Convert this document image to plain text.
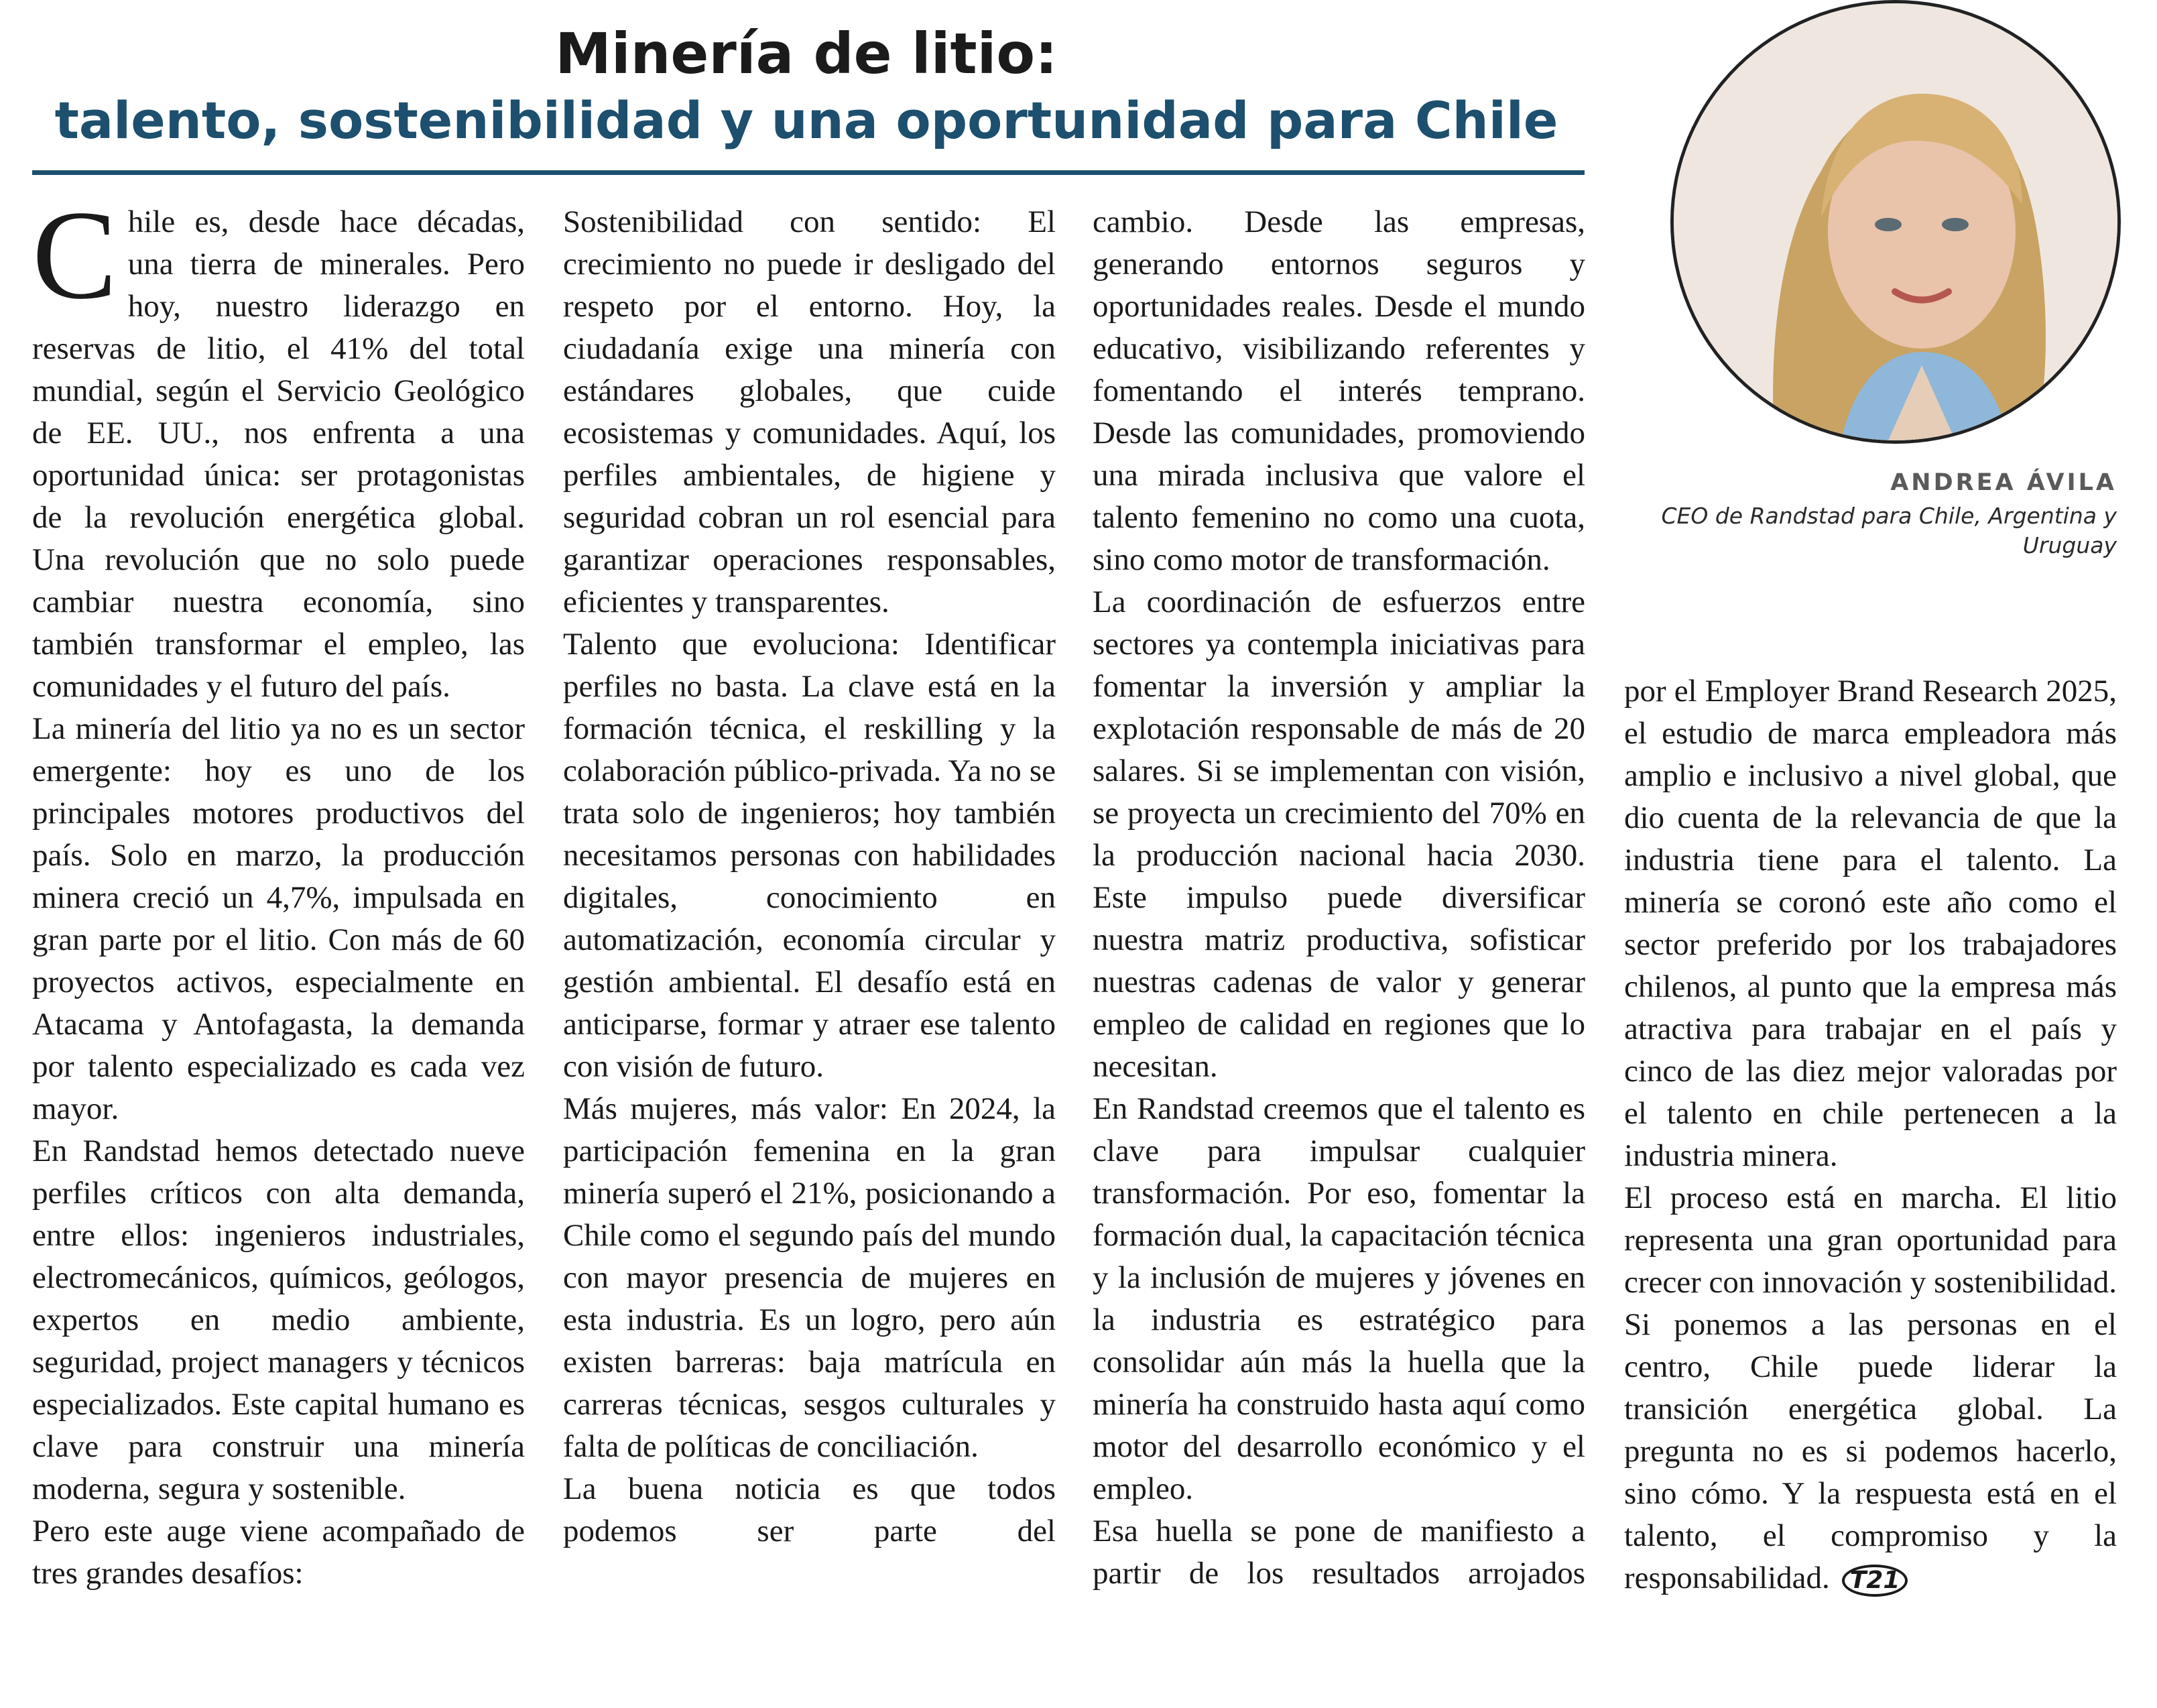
Minería de litio:
talento, sostenibilidad y una oportunidad para Chile
ANDREA ÁVILA
CEO de Randstad para Chile, Argentina y Uruguay

Chile es, desde hace décadas, una tierra de minerales. Pero hoy, nuestro liderazgo en reservas de litio, el 41% del total mundial, según el Servicio Geológico de EE. UU., nos enfrenta a una oportunidad única: ser protagonistas de la revolución energética global. Una revolución que no solo puede cambiar nuestra economía, sino también transformar el empleo, las comunidades y el futuro del país.

La minería del litio ya no es un sector emergente: hoy es uno de los principales motores productivos del país. Solo en marzo, la producción minera creció un 4,7%, impulsada en gran parte por el litio. Con más de 60 proyectos activos, especialmente en Atacama y Antofagasta, la demanda por talento especializado es cada vez mayor.

En Randstad hemos detectado nueve perfiles críticos con alta demanda, entre ellos: ingenieros industriales, electromecánicos, químicos, geólogos, expertos en medio ambiente, seguridad, project managers y técnicos especializados. Este capital humano es clave para construir una minería moderna, segura y sostenible.

Pero este auge viene acompañado de tres grandes desafíos:

Sostenibilidad con sentido: El crecimiento no puede ir desligado del respeto por el entorno. Hoy, la ciudadanía exige una minería con estándares globales, que cuide ecosistemas y comunidades. Aquí, los perfiles ambientales, de higiene y seguridad cobran un rol esencial para garantizar operaciones responsables, eficientes y transparentes.

Talento que evoluciona: Identificar perfiles no basta. La clave está en la formación técnica, el reskilling y la colaboración público-privada. Ya no se trata solo de ingenieros; hoy también necesitamos personas con habilidades digitales, conocimiento en automatización, economía circular y gestión ambiental. El desafío está en anticiparse, formar y atraer ese talento con visión de futuro.

Más mujeres, más valor: En 2024, la participación femenina en la gran minería superó el 21%, posicionando a Chile como el segundo país del mundo con mayor presencia de mujeres en esta industria. Es un logro, pero aún existen barreras: baja matrícula en carreras técnicas, sesgos culturales y falta de políticas de conciliación.

La buena noticia es que todos podemos ser parte del

cambio. Desde las empresas, generando entornos seguros y oportunidades reales. Desde el mundo educativo, visibilizando referentes y fomentando el interés temprano. Desde las comunidades, promoviendo una mirada inclusiva que valore el talento femenino no como una cuota, sino como motor de transformación.

La coordinación de esfuerzos entre sectores ya contempla iniciativas para fomentar la inversión y ampliar la explotación responsable de más de 20 salares. Si se implementan con visión, se proyecta un crecimiento del 70% en la producción nacional hacia 2030. Este impulso puede diversificar nuestra matriz productiva, sofisticar nuestras cadenas de valor y generar empleo de calidad en regiones que lo necesitan.

En Randstad creemos que el talento es clave para impulsar cualquier transformación. Por eso, fomentar la formación dual, la capacitación técnica y la inclusión de mujeres y jóvenes en la industria es estratégico para consolidar aún más la huella que la minería ha construido hasta aquí como motor del desarrollo económico y el empleo.

Esa huella se pone de manifiesto a partir de los resultados arrojados

por el Employer Brand Research 2025, el estudio de marca empleadora más amplio e inclusivo a nivel global, que dio cuenta de la relevancia de que la industria tiene para el talento. La minería se coronó este año como el sector preferido por los trabajadores chilenos, al punto que la empresa más atractiva para trabajar en el país y cinco de las diez mejor valoradas por el talento en chile pertenecen a la industria minera.

El proceso está en marcha. El litio representa una gran oportunidad para crecer con innovación y sostenibilidad. Si ponemos a las personas en el centro, Chile puede liderar la transición energética global. La pregunta no es si podemos hacerlo, sino cómo. Y la respuesta está en el talento, el compromiso y la responsabilidad. T21
